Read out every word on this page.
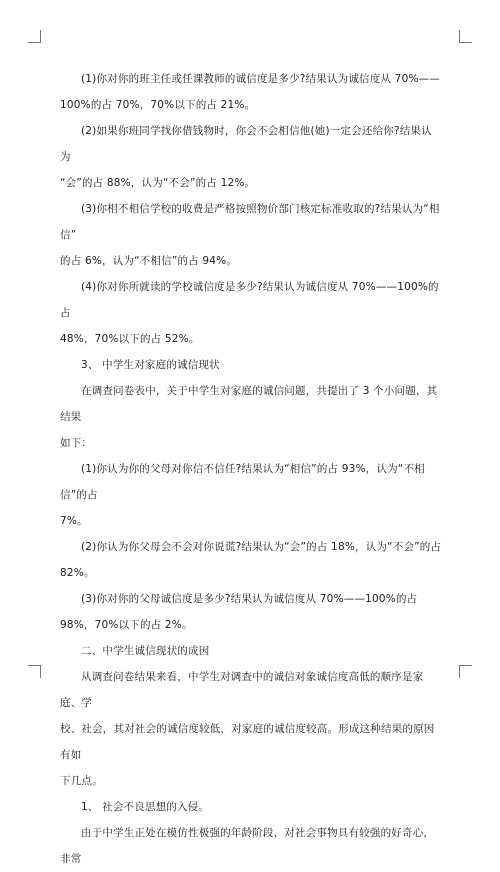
(1)你对你的班主任或任课教师的诚信度是多少?结果认为诚信度从 70%——
100%的占 70%，70%以下的占 21%。

(2)如果你班同学找你借钱物时，你会不会相信他(她)一定会还给你?结果认为
“会”的占 88%，认为“不会”的占 12%。

(3)你相不相信学校的收费是严格按照物价部门核定标准收取的?结果认为“相信”
的占 6%，认为“不相信”的占 94%。

(4)你对你所就读的学校诚信度是多少?结果认为诚信度从 70%——100%的占
48%，70%以下的占 52%。

3、 中学生对家庭的诚信现状

在调查问卷表中，关于中学生对家庭的诚信问题，共提出了 3 个小问题，其结果
如下：

(1)你认为你的父母对你信不信任?结果认为“相信”的占 93%，认为“不相信”的占
7%。

(2)你认为你父母会不会对你说谎?结果认为“会”的占 18%，认为“不会”的占
82%。

(3)你对你的父母诚信度是多少?结果认为诚信度从 70%——100%的占
98%，70%以下的占 2%。

二、中学生诚信现状的成因

从调查问卷结果来看，中学生对调查中的诚信对象诚信度高低的顺序是家庭、学
校、社会，其对社会的诚信度较低，对家庭的诚信度较高。形成这种结果的原因有如
下几点。

1、 社会不良思想的入侵。

由于中学生正处在模仿性极强的年龄阶段，对社会事物具有较强的好奇心，非常
